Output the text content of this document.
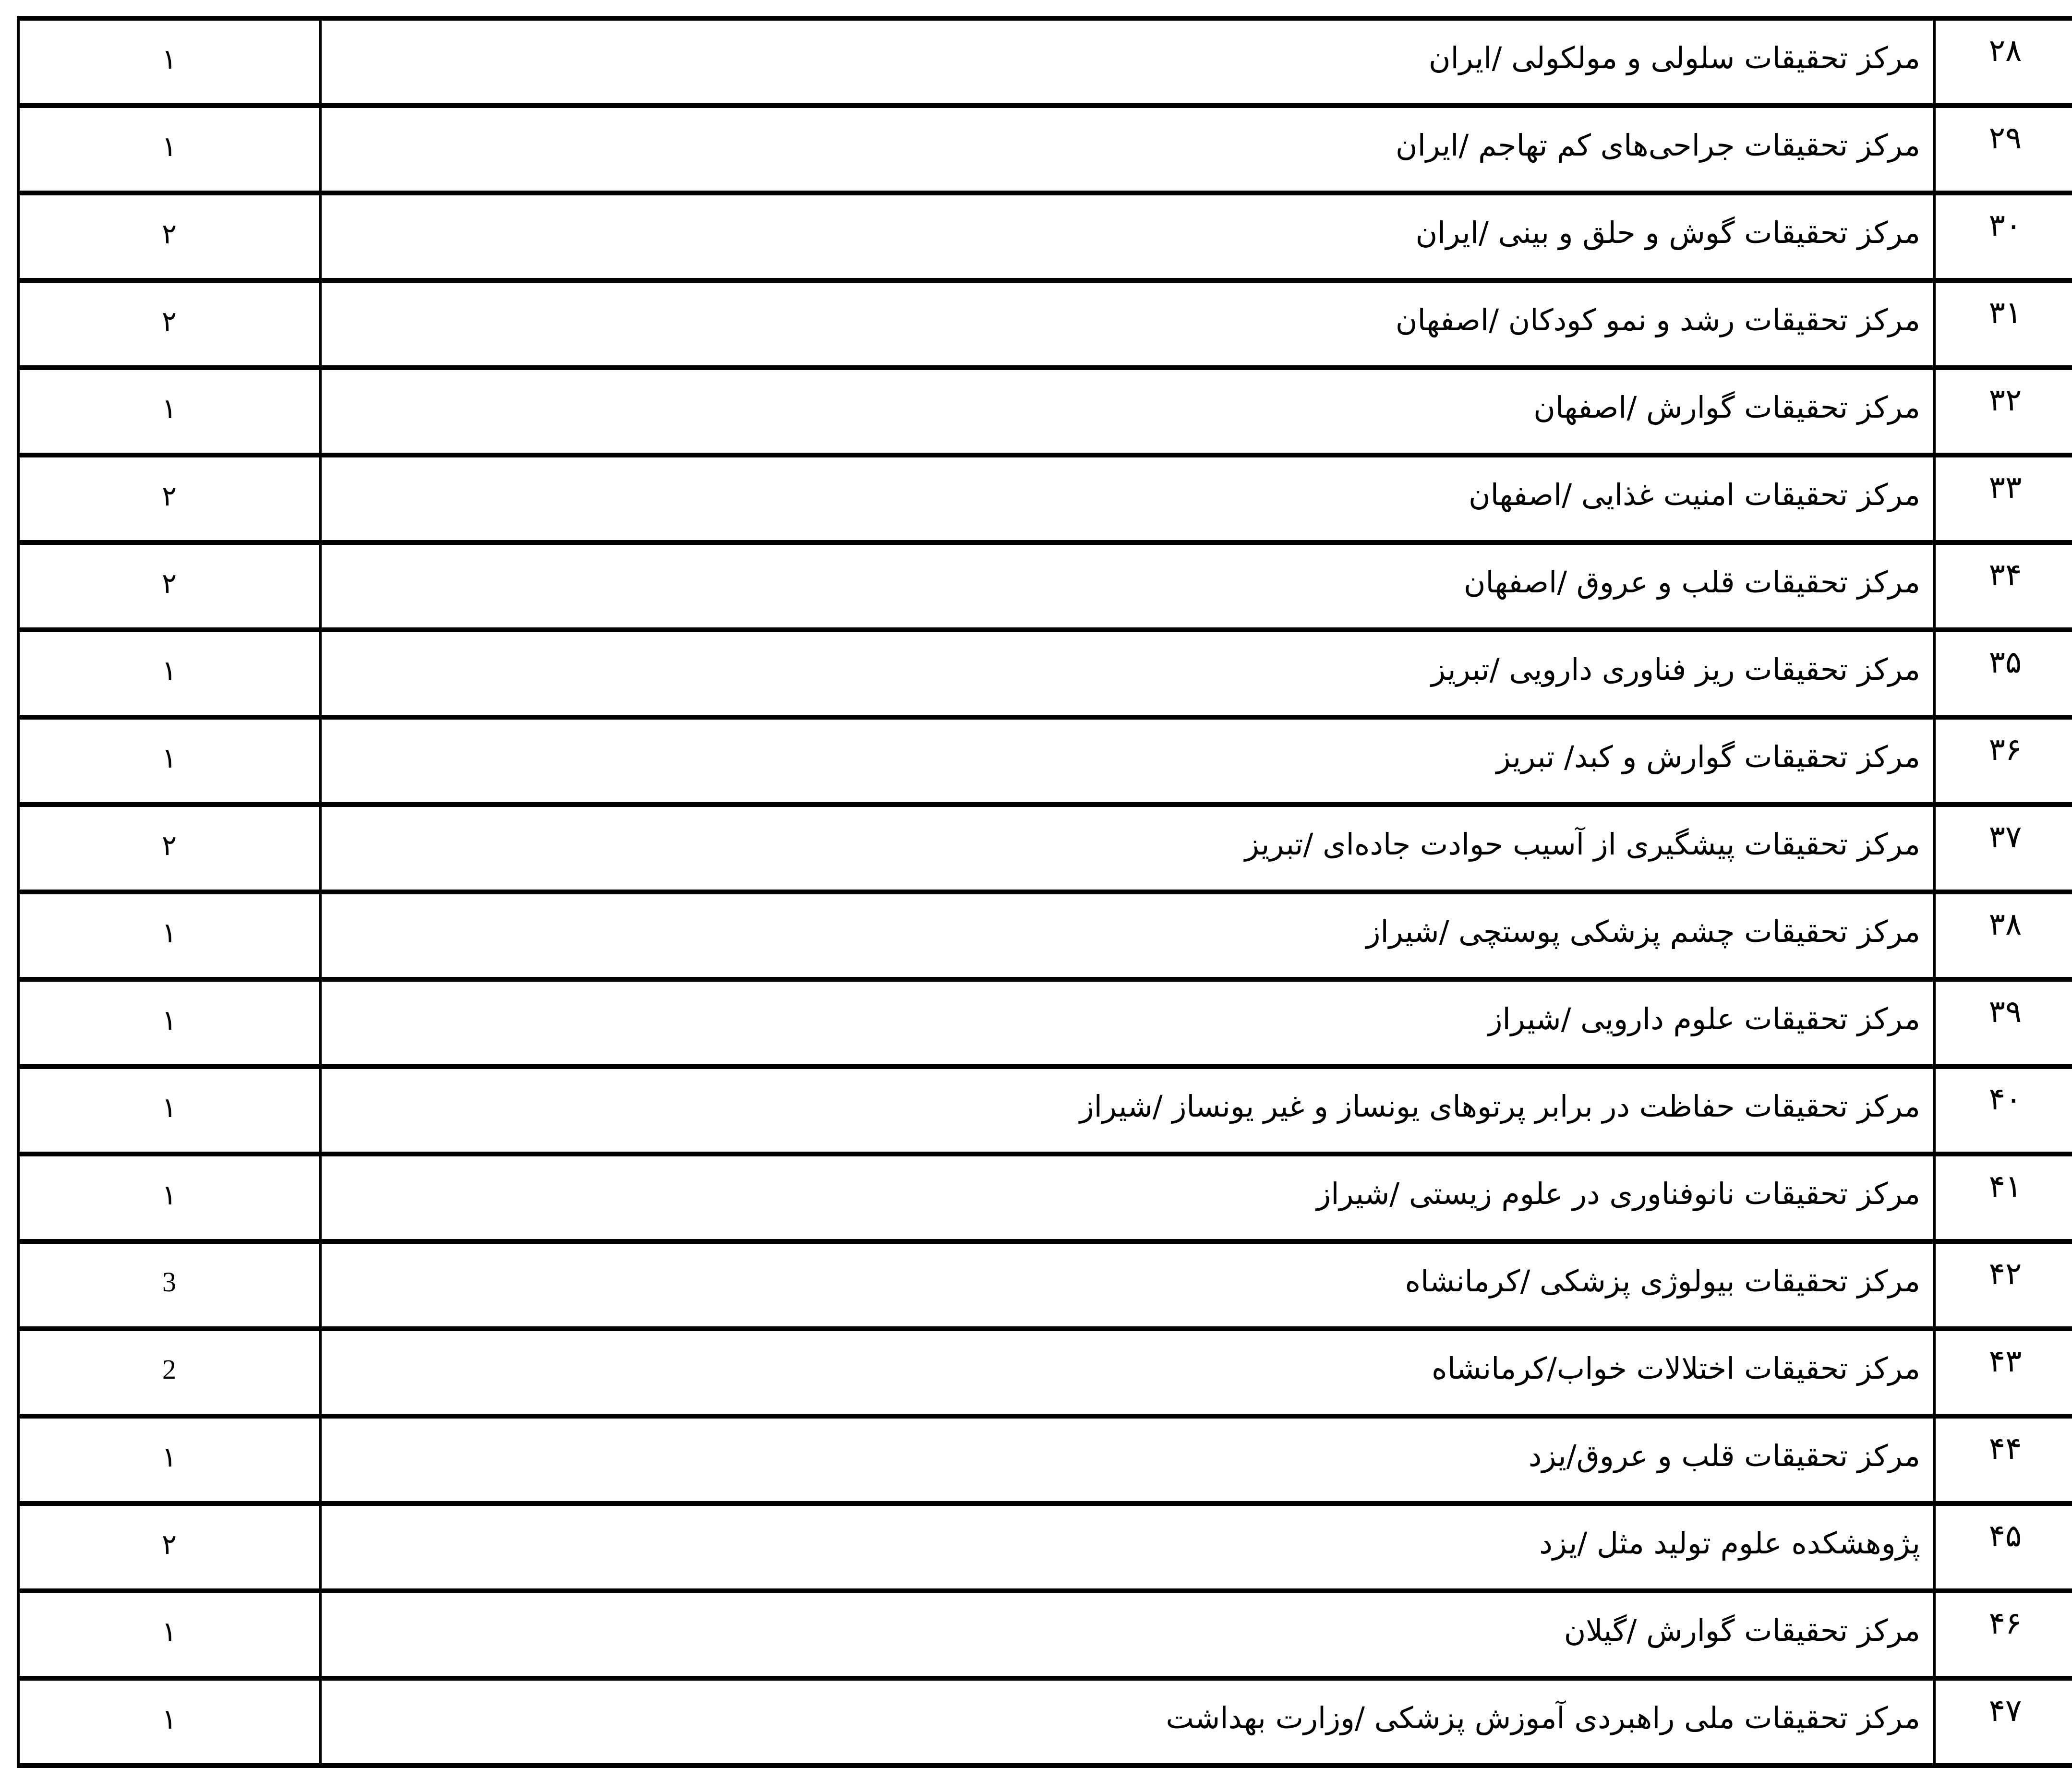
۲۸	مرکز تحقیقات سلولی و مولکولی /ایران	۱
۲۹	مرکز تحقیقات جراحی‌های کم تهاجم /ایران	۱
۳۰	مرکز تحقیقات گوش و حلق و بینی /ایران	۲
۳۱	مرکز تحقیقات رشد و نمو کودکان /اصفهان	۲
۳۲	مرکز تحقیقات گوارش /اصفهان	۱
۳۳	مرکز تحقیقات امنیت غذایی /اصفهان	۲
۳۴	مرکز تحقیقات قلب و عروق /اصفهان	۲
۳۵	مرکز تحقیقات ریز فناوری دارویی /تبریز	۱
۳۶	مرکز تحقیقات گوارش و کبد/ تبریز	۱
۳۷	مرکز تحقیقات پیشگیری از آسیب حوادت جاده‌ای /تبریز	۲
۳۸	مرکز تحقیقات چشم پزشکی پوستچی /شیراز	۱
۳۹	مرکز تحقیقات علوم دارویی /شیراز	۱
۴۰	مرکز تحقیقات حفاظت در برابر پرتوهای یونساز و غیر یونساز /شیراز	۱
۴۱	مرکز تحقیقات نانوفناوری در علوم زیستی /شیراز	۱
۴۲	مرکز تحقیقات بیولوژی پزشکی /کرمانشاه	3
۴۳	مرکز تحقیقات اختلالات خواب/کرمانشاه	2
۴۴	مرکز تحقیقات قلب و عروق/یزد	۱
۴۵	پژوهشکده علوم تولید مثل /یزد	۲
۴۶	مرکز تحقیقات گوارش /گیلان	۱
۴۷	مرکز تحقیقات ملی راهبردی آموزش پزشکی /وزارت بهداشت	۱
